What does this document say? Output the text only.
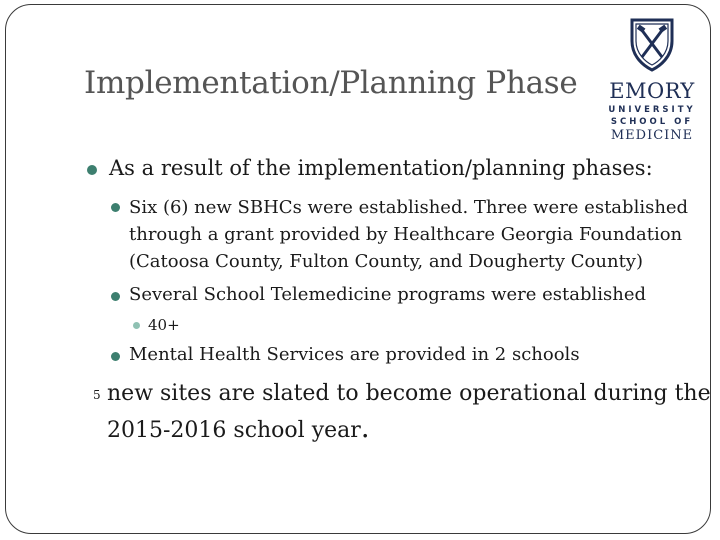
Implementation/Planning Phase	EMORY
UNIVERSITY
SCHOOL OF
MEDICINE
As a result of the implementation/planning phases:
Six (6) new SBHCs were established. Three were established
through a grant provided by Healthcare Georgia Foundation
(Catoosa County, Fulton County, and Dougherty County)
Several School Telemedicine programs were established
40+
Mental Health Services are provided in 2 schools
5 new sites are slated to become operational during the
2015-2016 school year.
